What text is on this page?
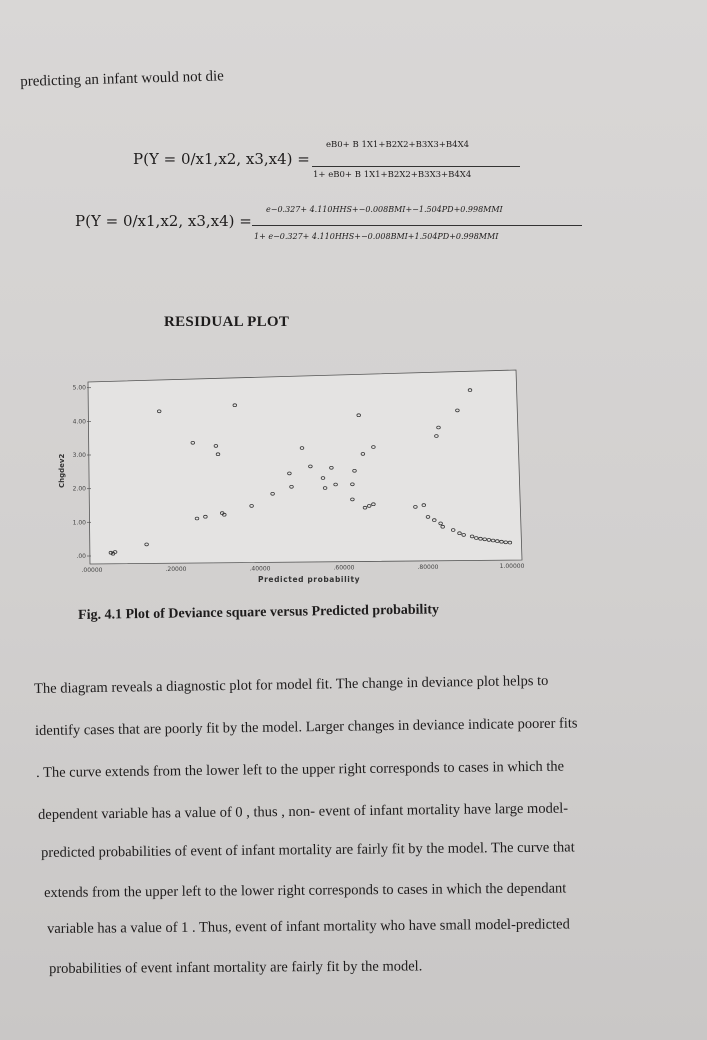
predicting an infant would not die
P(Y = 0/x1,x2, x3,x4) =
eB0+ B 1X1+B2X2+B3X3+B4X4
1+ eB0+ B 1X1+B2X2+B3X3+B4X4
P(Y = 0/x1,x2, x3,x4) =
e−0.327+ 4.110HHS+−0.008BMI+−1.504PD+0.998MMI
1+ e−0.327+ 4.110HHS+−0.008BMI+1.504PD+0.998MMI
RESIDUAL PLOT
.00
1.00
2.00
3.00
4.00
5.00
.00000	.20000	.40000	.60000	.80000	1.00000
Chgdev2
Predicted probability
Fig. 4.1 Plot of Deviance square versus Predicted probability
The diagram reveals a diagnostic plot for model fit. The change in deviance plot helps to
identify cases that are poorly fit by the model. Larger changes in deviance indicate poorer fits
. The curve extends from the lower left to the upper right corresponds to cases in which the
dependent variable has a value of 0 , thus , non- event of infant mortality have large model-
predicted probabilities of event of infant mortality are fairly fit by the model. The curve that
extends from the upper left to the lower right corresponds to cases in which the dependant
variable has a value of 1 . Thus, event of infant mortality who have small model-predicted
probabilities of event infant mortality are fairly fit by the model.
